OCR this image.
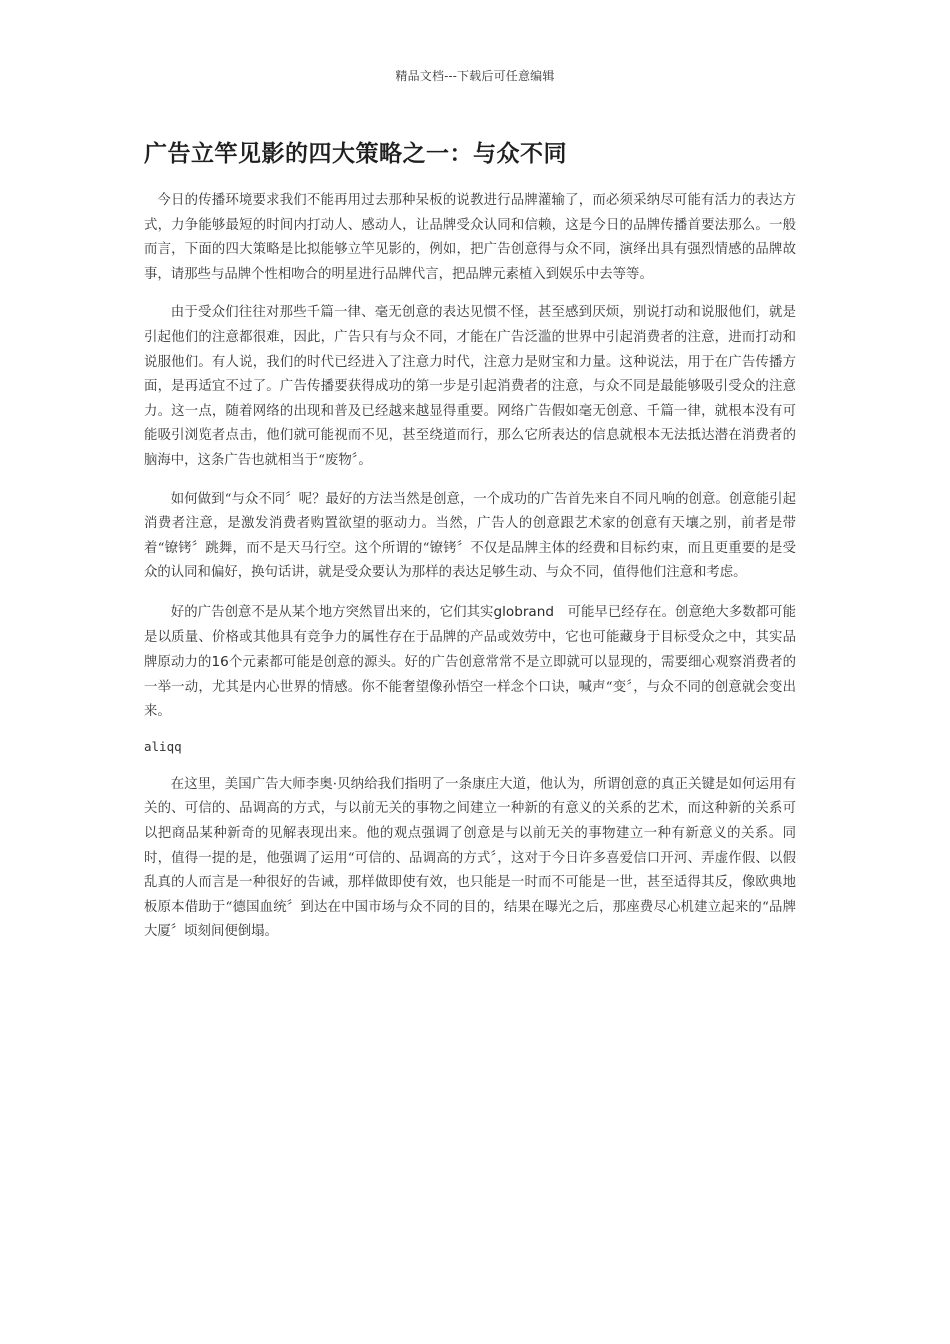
精品文档---下载后可任意编辑
广告立竿见影的四大策略之一：与众不同

今日的传播环境要求我们不能再用过去那种呆板的说教进行品牌灌输了，而必须采纳尽可能有活力的表达方式，力争能够最短的时间内打动人、感动人，让品牌受众认同和信赖，这是今日的品牌传播首要法那么。一般而言，下面的四大策略是比拟能够立竿见影的，例如，把广告创意得与众不同，演绎出具有强烈情感的品牌故事，请那些与品牌个性相吻合的明星进行品牌代言，把品牌元素植入到娱乐中去等等。

由于受众们往往对那些千篇一律、毫无创意的表达见惯不怪，甚至感到厌烦，别说打动和说服他们，就是引起他们的注意都很难，因此，广告只有与众不同，才能在广告泛滥的世界中引起消费者的注意，进而打动和说服他们。有人说，我们的时代已经进入了注意力时代，注意力是财宝和力量。这种说法，用于在广告传播方面，是再适宜不过了。广告传播要获得成功的第一步是引起消费者的注意，与众不同是最能够吸引受众的注意力。这一点，随着网络的出现和普及已经越来越显得重要。网络广告假如毫无创意、千篇一律，就根本没有可能吸引浏览者点击，他们就可能视而不见，甚至绕道而行，那么它所表达的信息就根本无法抵达潜在消费者的脑海中，这条广告也就相当于“废物〞。

如何做到“与众不同〞呢？最好的方法当然是创意，一个成功的广告首先来自不同凡响的创意。创意能引起消费者注意，是激发消费者购置欲望的驱动力。当然，广告人的创意跟艺术家的创意有天壤之别，前者是带着“镣铐〞跳舞，而不是天马行空。这个所谓的“镣铐〞不仅是品牌主体的经费和目标约束，而且更重要的是受众的认同和偏好，换句话讲，就是受众要认为那样的表达足够生动、与众不同，值得他们注意和考虑。

好的广告创意不是从某个地方突然冒出来的，它们其实globrand　可能早已经存在。创意绝大多数都可能是以质量、价格或其他具有竞争力的属性存在于品牌的产品或效劳中，它也可能藏身于目标受众之中，其实品牌原动力的16个元素都可能是创意的源头。好的广告创意常常不是立即就可以显现的，需要细心观察消费者的一举一动，尤其是内心世界的情感。你不能奢望像孙悟空一样念个口诀，喊声“变〞，与众不同的创意就会变出来。

aliqq

在这里，美国广告大师李奥·贝纳给我们指明了一条康庄大道，他认为，所谓创意的真正关键是如何运用有关的、可信的、品调高的方式，与以前无关的事物之间建立一种新的有意义的关系的艺术，而这种新的关系可以把商品某种新奇的见解表现出来。他的观点强调了创意是与以前无关的事物建立一种有新意义的关系。同时，值得一提的是，他强调了运用“可信的、品调高的方式〞，这对于今日许多喜爱信口开河、弄虚作假、以假乱真的人而言是一种很好的告诫，那样做即使有效，也只能是一时而不可能是一世，甚至适得其反，像欧典地板原本借助于“德国血统〞到达在中国市场与众不同的目的，结果在曝光之后，那座费尽心机建立起来的“品牌大厦〞顷刻间便倒塌。
